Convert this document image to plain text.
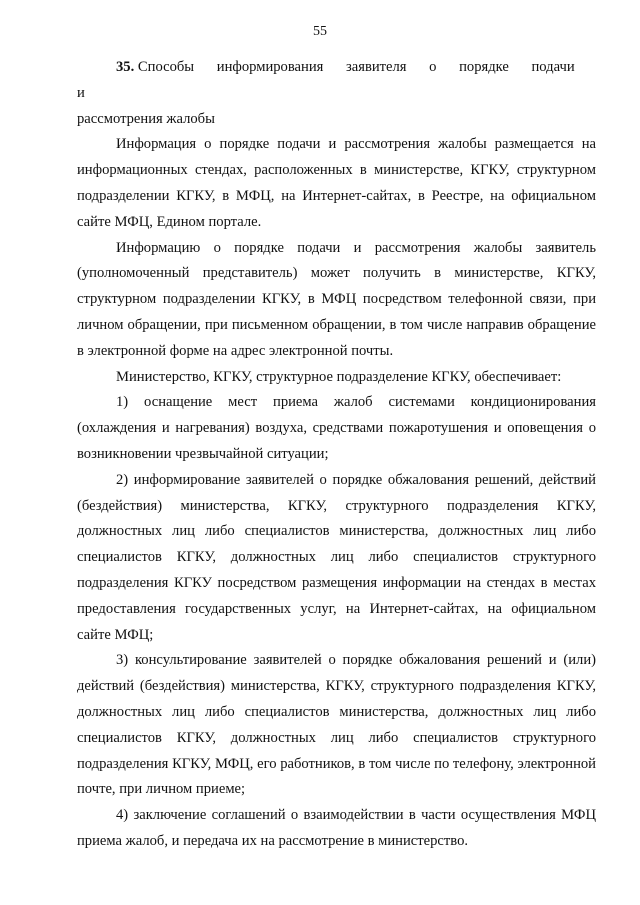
55

35. Способы информирования заявителя о порядке подачи и
рассмотрения жалобы

Информация о порядке подачи и рассмотрения жалобы размещается на информационных стендах, расположенных в министерстве, КГКУ, структурном подразделении КГКУ, в МФЦ, на Интернет-сайтах, в Реестре, на официальном сайте МФЦ, Едином портале.

Информацию о порядке подачи и рассмотрения жалобы заявитель (уполномоченный представитель) может получить в министерстве, КГКУ, структурном подразделении КГКУ, в МФЦ посредством телефонной связи, при личном обращении, при письменном обращении, в том числе направив обращение в электронной форме на адрес электронной почты.

Министерство, КГКУ, структурное подразделение КГКУ, обеспечивает:

1) оснащение мест приема жалоб системами кондиционирования (охлаждения и нагревания) воздуха, средствами пожаротушения и оповещения о возникновении чрезвычайной ситуации;

2) информирование заявителей о порядке обжалования решений, действий (бездействия) министерства, КГКУ, структурного подразделения КГКУ, должностных лиц либо специалистов министерства, должностных лиц либо специалистов КГКУ, должностных лиц либо специалистов структурного подразделения КГКУ посредством размещения информации на стендах в местах предоставления государственных услуг, на Интернет-сайтах, на официальном сайте МФЦ;

3) консультирование заявителей о порядке обжалования решений и (или) действий (бездействия) министерства, КГКУ, структурного подразделения КГКУ, должностных лиц либо специалистов министерства, должностных лиц либо специалистов КГКУ, должностных лиц либо специалистов структурного подразделения КГКУ, МФЦ, его работников, в том числе по телефону, электронной почте, при личном приеме;

4) заключение соглашений о взаимодействии в части осуществления МФЦ приема жалоб, и передача их на рассмотрение в министерство.
